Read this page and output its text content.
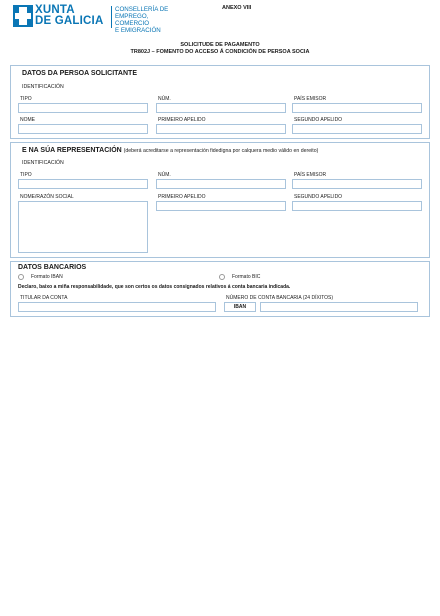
XUNTA
DE GALICIA
CONSELLERÍA DE
EMPREGO, COMERCIO
E EMIGRACIÓN
ANEXO VIII
SOLICITUDE DE PAGAMENTO
TR802J – FOMENTO DO ACCESO Á CONDICIÓN DE PERSOA SOCIA
DATOS DA PERSOA SOLICITANTE
IDENTIFICACIÓN
TIPO	NÚM.	PAÍS EMISOR
NOME	PRIMEIRO APELIDO	SEGUNDO APELIDO
E NA SÚA REPRESENTACIÓN (deberá acreditarse a representación fidedigna por calquera medio válido en dereito)
IDENTIFICACIÓN
TIPO	NÚM.	PAÍS EMISOR
NOME/RAZÓN SOCIAL	PRIMEIRO APELIDO	SEGUNDO APELIDO
DATOS BANCARIOS
Formato IBAN	Formato BIC
Declaro, baixo a miña responsabilidade, que son certos os datos consignados relativos á conta bancaria indicada.
TITULAR DA CONTA	NÚMERO DE CONTA BANCARIA (24 DÍXITOS)
IBAN
